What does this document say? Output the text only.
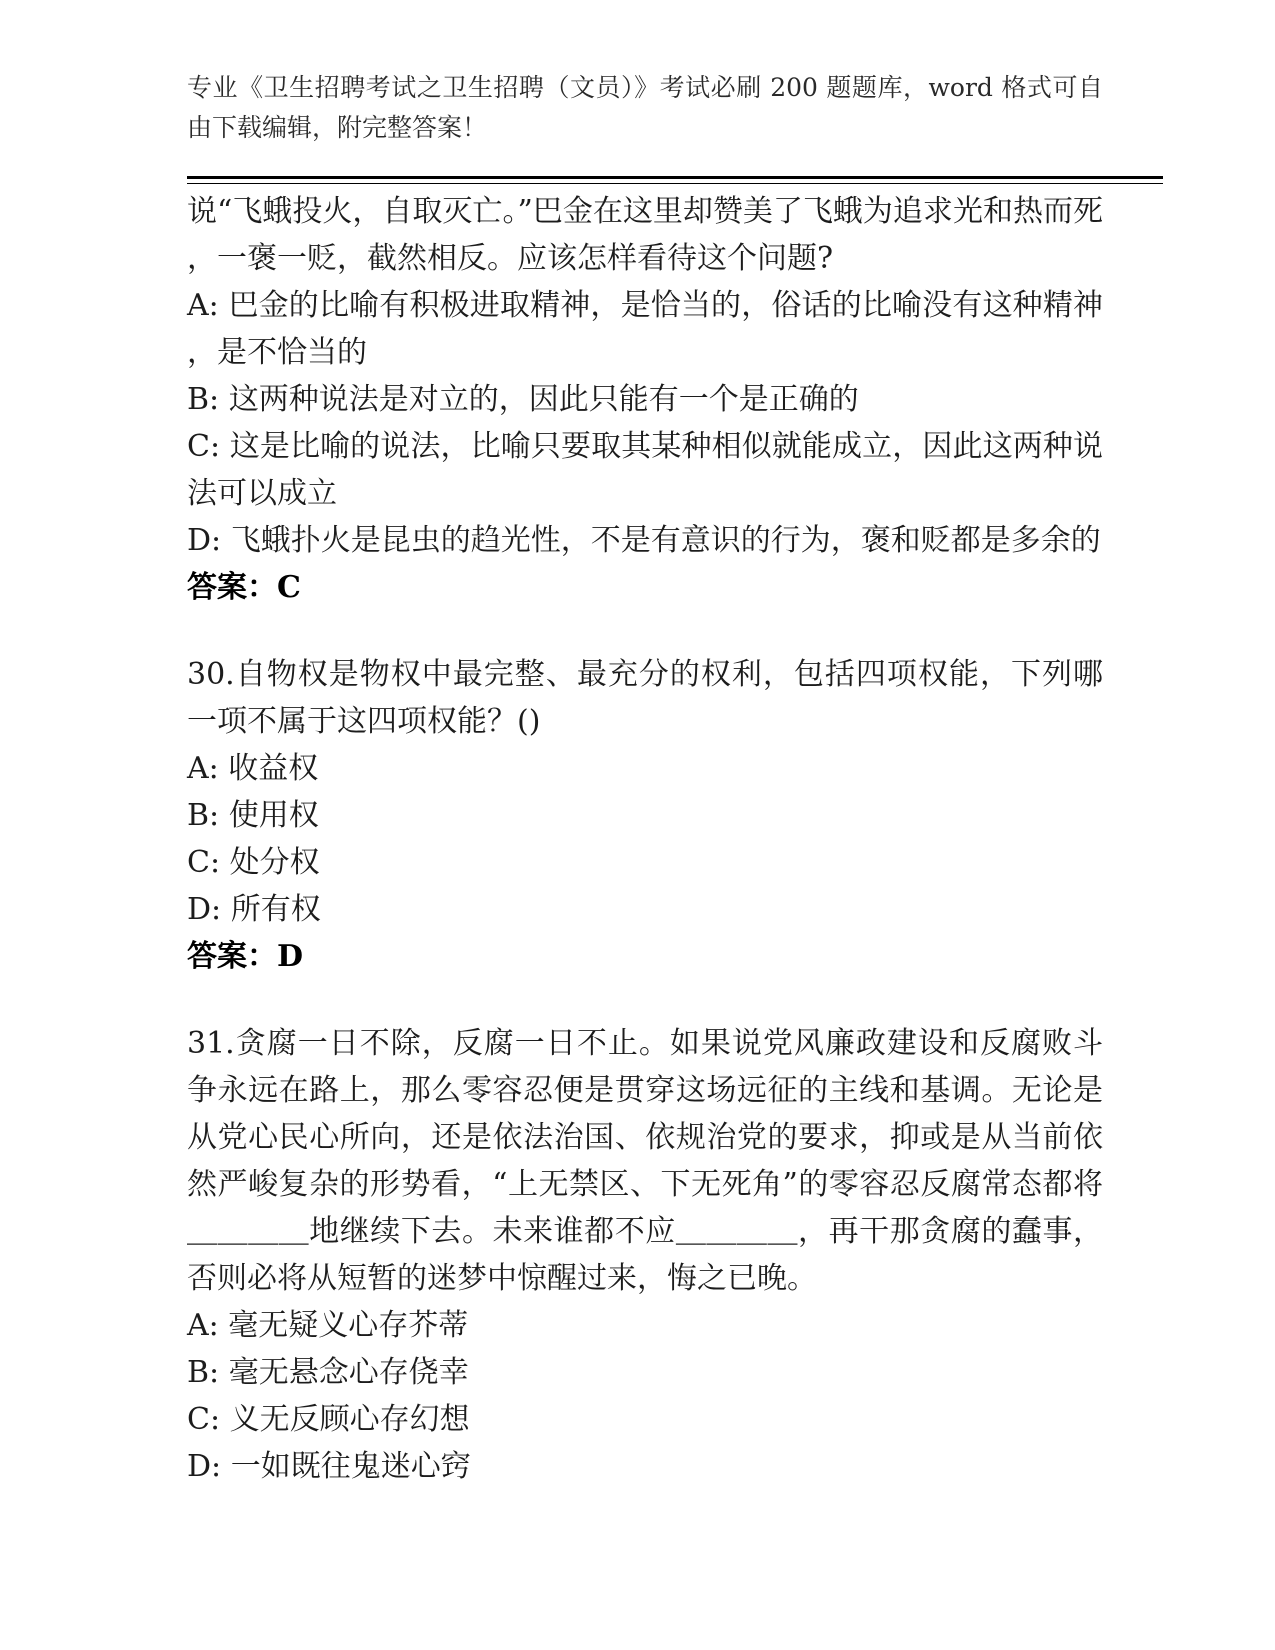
专业《卫生招聘考试之卫生招聘（文员）》考试必刷 200 题题库，word 格式可自由下载编辑，附完整答案！

说“飞蛾投火，自取灭亡。”巴金在这里却赞美了飞蛾为追求光和热而死，一褒一贬，截然相反。应该怎样看待这个问题?

A: 巴金的比喻有积极进取精神，是恰当的，俗话的比喻没有这种精神，是不恰当的

B: 这两种说法是对立的，因此只能有一个是正确的

C: 这是比喻的说法，比喻只要取其某种相似就能成立，因此这两种说法可以成立

D: 飞蛾扑火是昆虫的趋光性，不是有意识的行为，褒和贬都是多余的

答案：C

30.自物权是物权中最完整、最充分的权利，包括四项权能，下列哪一项不属于这四项权能？()

A: 收益权

B: 使用权

C: 处分权

D: 所有权

答案：D

31.贪腐一日不除，反腐一日不止。如果说党风廉政建设和反腐败斗争永远在路上，那么零容忍便是贯穿这场远征的主线和基调。无论是从党心民心所向，还是依法治国、依规治党的要求，抑或是从当前依然严峻复杂的形势看，“上无禁区、下无死角”的零容忍反腐常态都将＿＿＿＿地继续下去。未来谁都不应＿＿＿＿，再干那贪腐的蠢事，否则必将从短暂的迷梦中惊醒过来，悔之已晚。

A: 毫无疑义心存芥蒂

B: 毫无悬念心存侥幸

C: 义无反顾心存幻想

D: 一如既往鬼迷心窍
